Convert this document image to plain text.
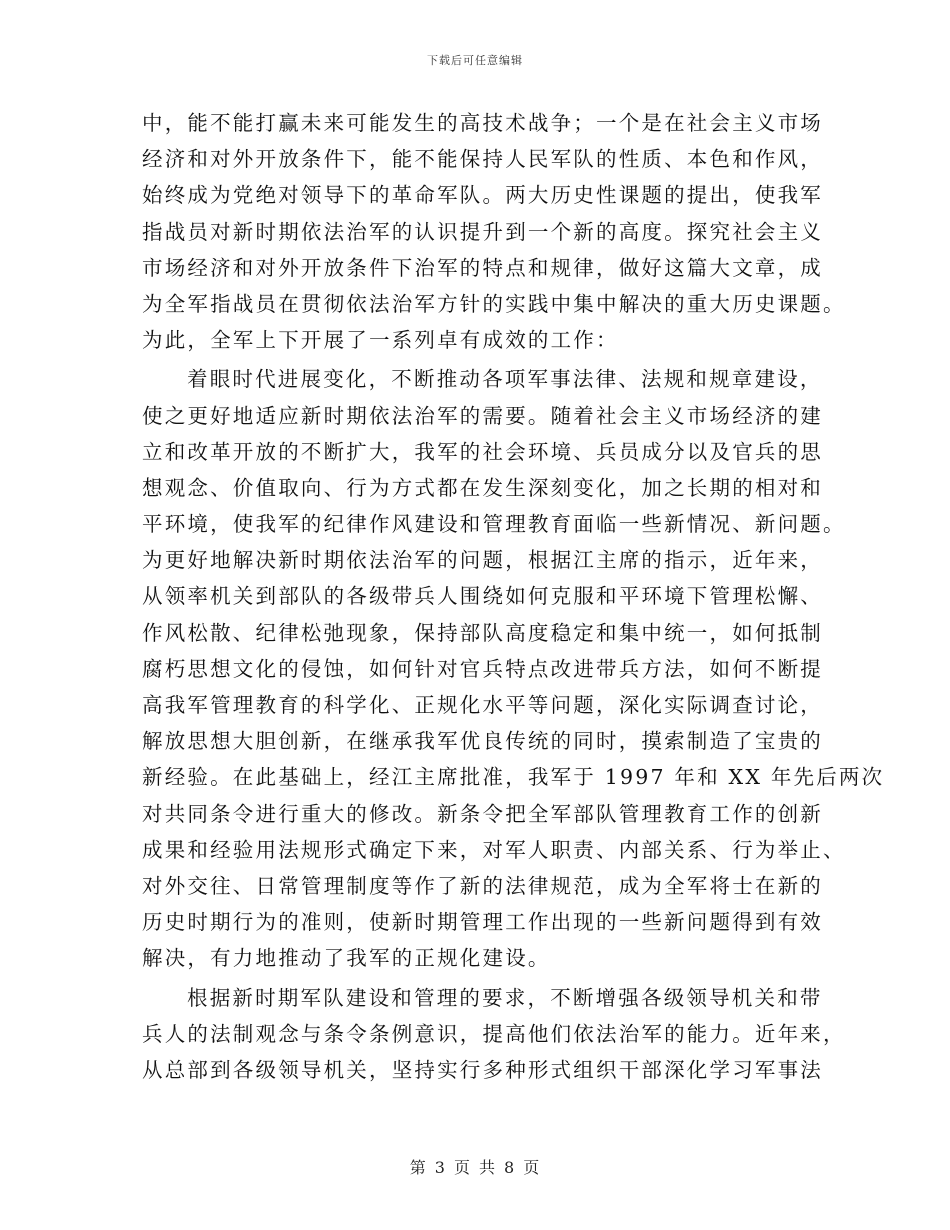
下载后可任意编辑
中，能不能打赢未来可能发生的高技术战争；一个是在社会主义市场
经济和对外开放条件下，能不能保持人民军队的性质、本色和作风，
始终成为党绝对领导下的革命军队。两大历史性课题的提出，使我军
指战员对新时期依法治军的认识提升到一个新的高度。探究社会主义
市场经济和对外开放条件下治军的特点和规律，做好这篇大文章，成
为全军指战员在贯彻依法治军方针的实践中集中解决的重大历史课题。
为此，全军上下开展了一系列卓有成效的工作：
着眼时代进展变化，不断推动各项军事法律、法规和规章建设，
使之更好地适应新时期依法治军的需要。随着社会主义市场经济的建
立和改革开放的不断扩大，我军的社会环境、兵员成分以及官兵的思
想观念、价值取向、行为方式都在发生深刻变化，加之长期的相对和
平环境，使我军的纪律作风建设和管理教育面临一些新情况、新问题。
为更好地解决新时期依法治军的问题，根据江主席的指示，近年来，
从领率机关到部队的各级带兵人围绕如何克服和平环境下管理松懈、
作风松散、纪律松弛现象，保持部队高度稳定和集中统一，如何抵制
腐朽思想文化的侵蚀，如何针对官兵特点改进带兵方法，如何不断提
高我军管理教育的科学化、正规化水平等问题，深化实际调查讨论，
解放思想大胆创新，在继承我军优良传统的同时，摸索制造了宝贵的
新经验。在此基础上，经江主席批准，我军于 1997 年和 XX 年先后两次
对共同条令进行重大的修改。新条令把全军部队管理教育工作的创新
成果和经验用法规形式确定下来，对军人职责、内部关系、行为举止、
对外交往、日常管理制度等作了新的法律规范，成为全军将士在新的
历史时期行为的准则，使新时期管理工作出现的一些新问题得到有效
解决，有力地推动了我军的正规化建设。
根据新时期军队建设和管理的要求，不断增强各级领导机关和带
兵人的法制观念与条令条例意识，提高他们依法治军的能力。近年来，
从总部到各级领导机关，坚持实行多种形式组织干部深化学习军事法
第 3 页 共 8 页
